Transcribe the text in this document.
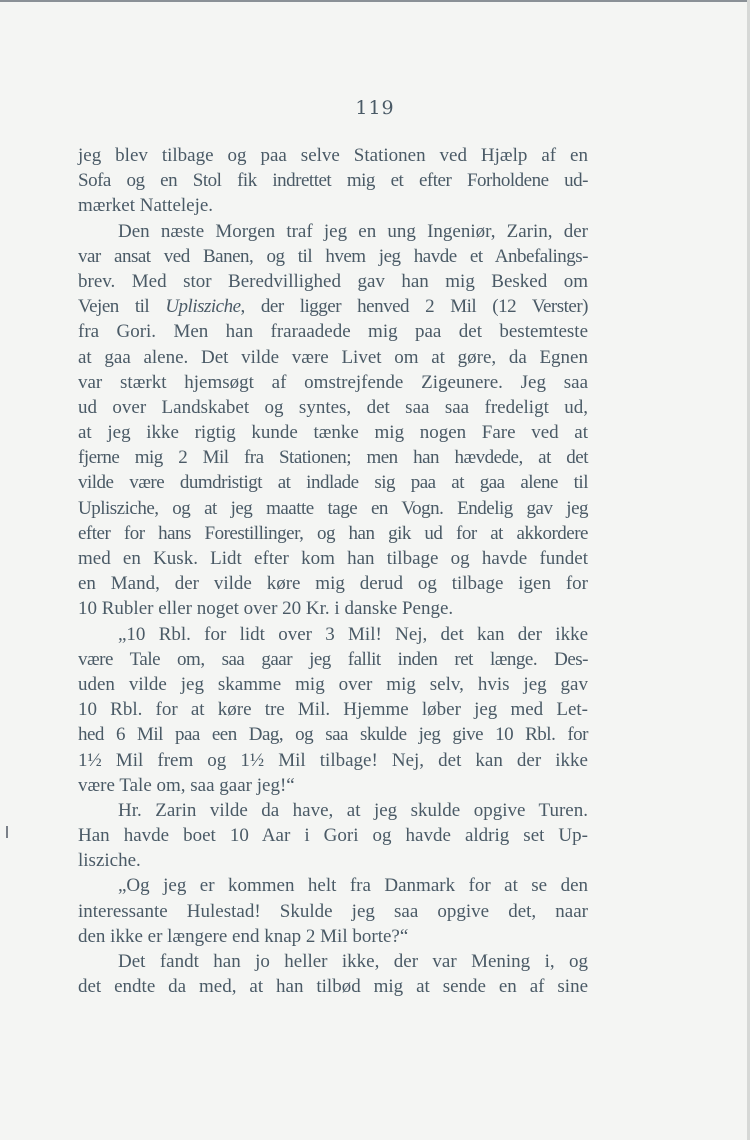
119
jeg blev tilbage og paa selve Stationen ved Hjælp af en
Sofa og en Stol fik indrettet mig et efter Forholdene ud-
mærket Natteleje.
Den næste Morgen traf jeg en ung Ingeniør, Zarin, der
var ansat ved Banen, og til hvem jeg havde et Anbefalings-
brev. Med stor Beredvillighed gav han mig Besked om
Vejen til Uplisziche, der ligger henved 2 Mil (12 Verster)
fra Gori. Men han fraraadede mig paa det bestemteste
at gaa alene. Det vilde være Livet om at gøre, da Egnen
var stærkt hjemsøgt af omstrejfende Zigeunere. Jeg saa
ud over Landskabet og syntes, det saa saa fredeligt ud,
at jeg ikke rigtig kunde tænke mig nogen Fare ved at
fjerne mig 2 Mil fra Stationen; men han hævdede, at det
vilde være dumdristigt at indlade sig paa at gaa alene til
Uplisziche, og at jeg maatte tage en Vogn. Endelig gav jeg
efter for hans Forestillinger, og han gik ud for at akkordere
med en Kusk. Lidt efter kom han tilbage og havde fundet
en Mand, der vilde køre mig derud og tilbage igen for
10 Rubler eller noget over 20 Kr. i danske Penge.
„10 Rbl. for lidt over 3 Mil! Nej, det kan der ikke
være Tale om, saa gaar jeg fallit inden ret længe. Des-
uden vilde jeg skamme mig over mig selv, hvis jeg gav
10 Rbl. for at køre tre Mil. Hjemme løber jeg med Let-
hed 6 Mil paa een Dag, og saa skulde jeg give 10 Rbl. for
1½ Mil frem og 1½ Mil tilbage! Nej, det kan der ikke
være Tale om, saa gaar jeg!“
Hr. Zarin vilde da have, at jeg skulde opgive Turen.
Han havde boet 10 Aar i Gori og havde aldrig set Up-
lisziche.
„Og jeg er kommen helt fra Danmark for at se den
interessante Hulestad! Skulde jeg saa opgive det, naar
den ikke er længere end knap 2 Mil borte?“
Det fandt han jo heller ikke, der var Mening i, og
det endte da med, at han tilbød mig at sende en af sine
